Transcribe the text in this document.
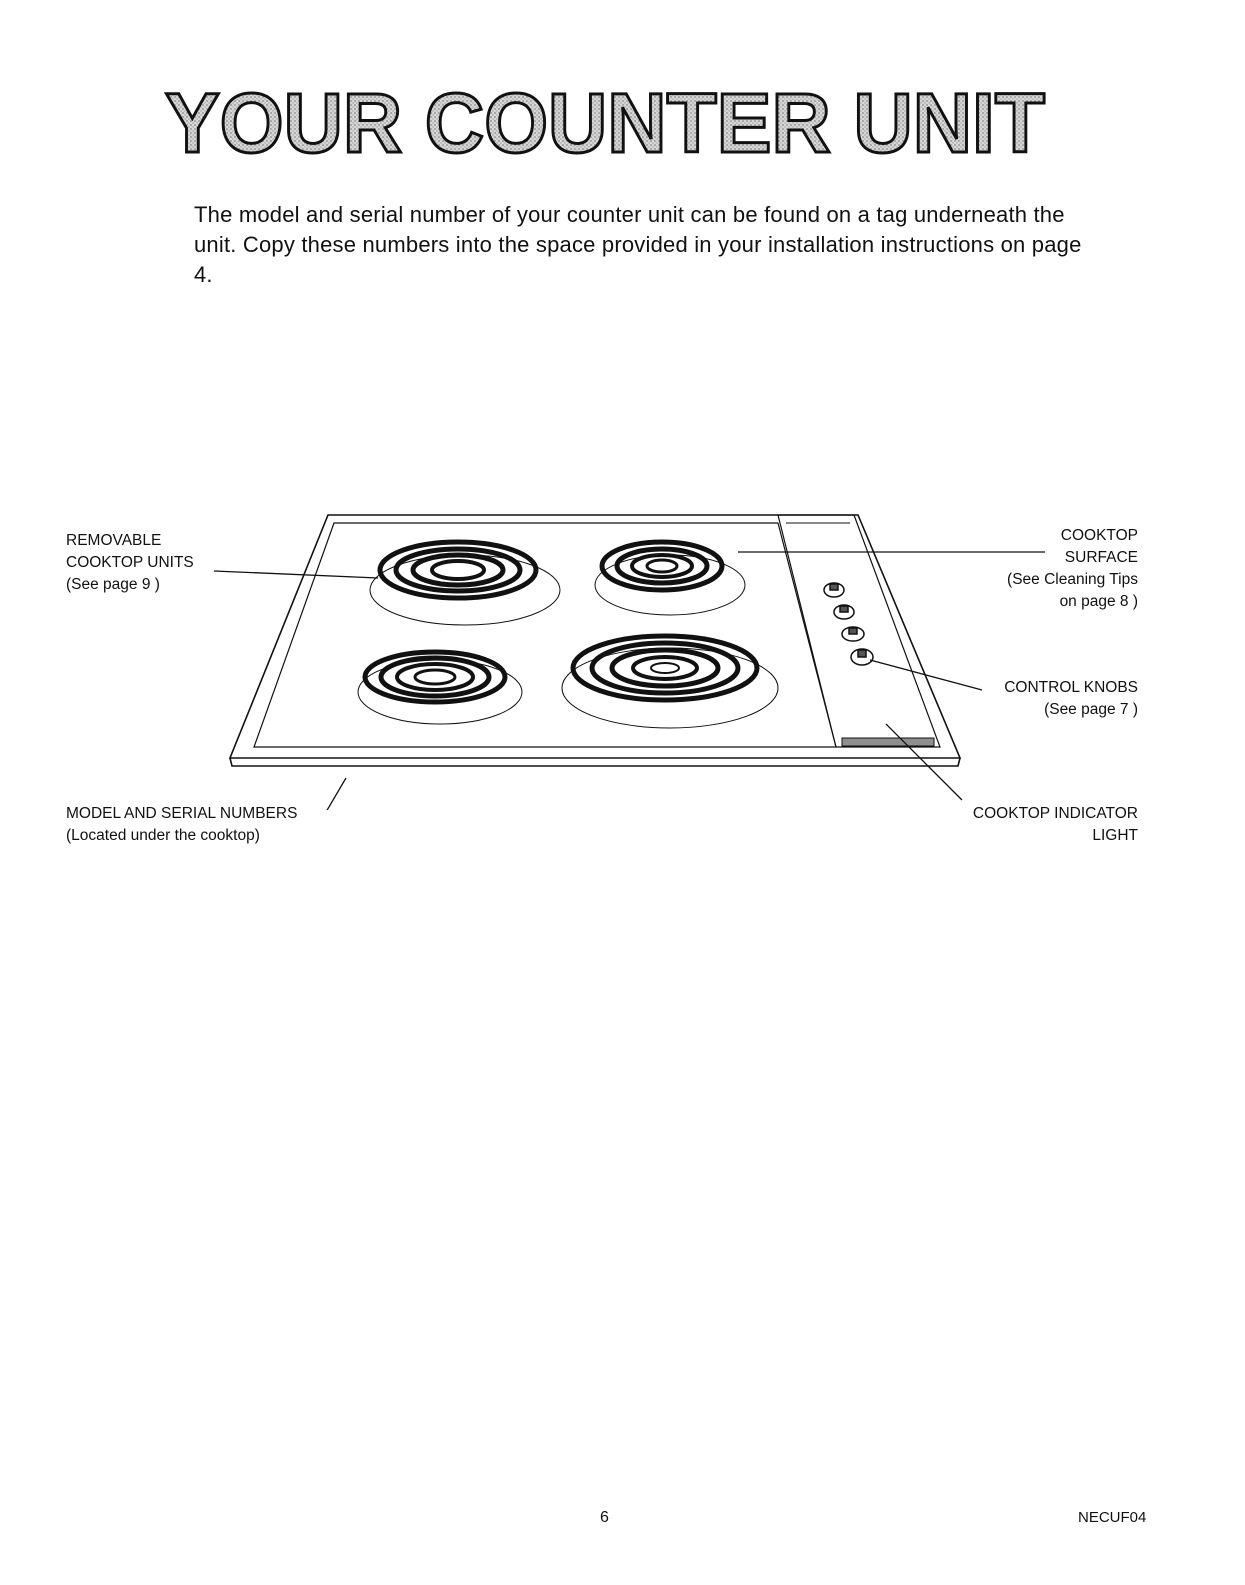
YOUR COUNTER UNIT

The model and serial number of your counter unit can be found on a tag underneath the unit. Copy these numbers into the space provided in your installation instructions on page 4.

REMOVABLE
COOKTOP UNITS
(See page 9 )
COOKTOP
SURFACE
(See Cleaning Tips
on page 8 )
CONTROL KNOBS
(See page 7 )
MODEL AND SERIAL NUMBERS
(Located under the cooktop)
COOKTOP INDICATOR
LIGHT
6	NECUF04
